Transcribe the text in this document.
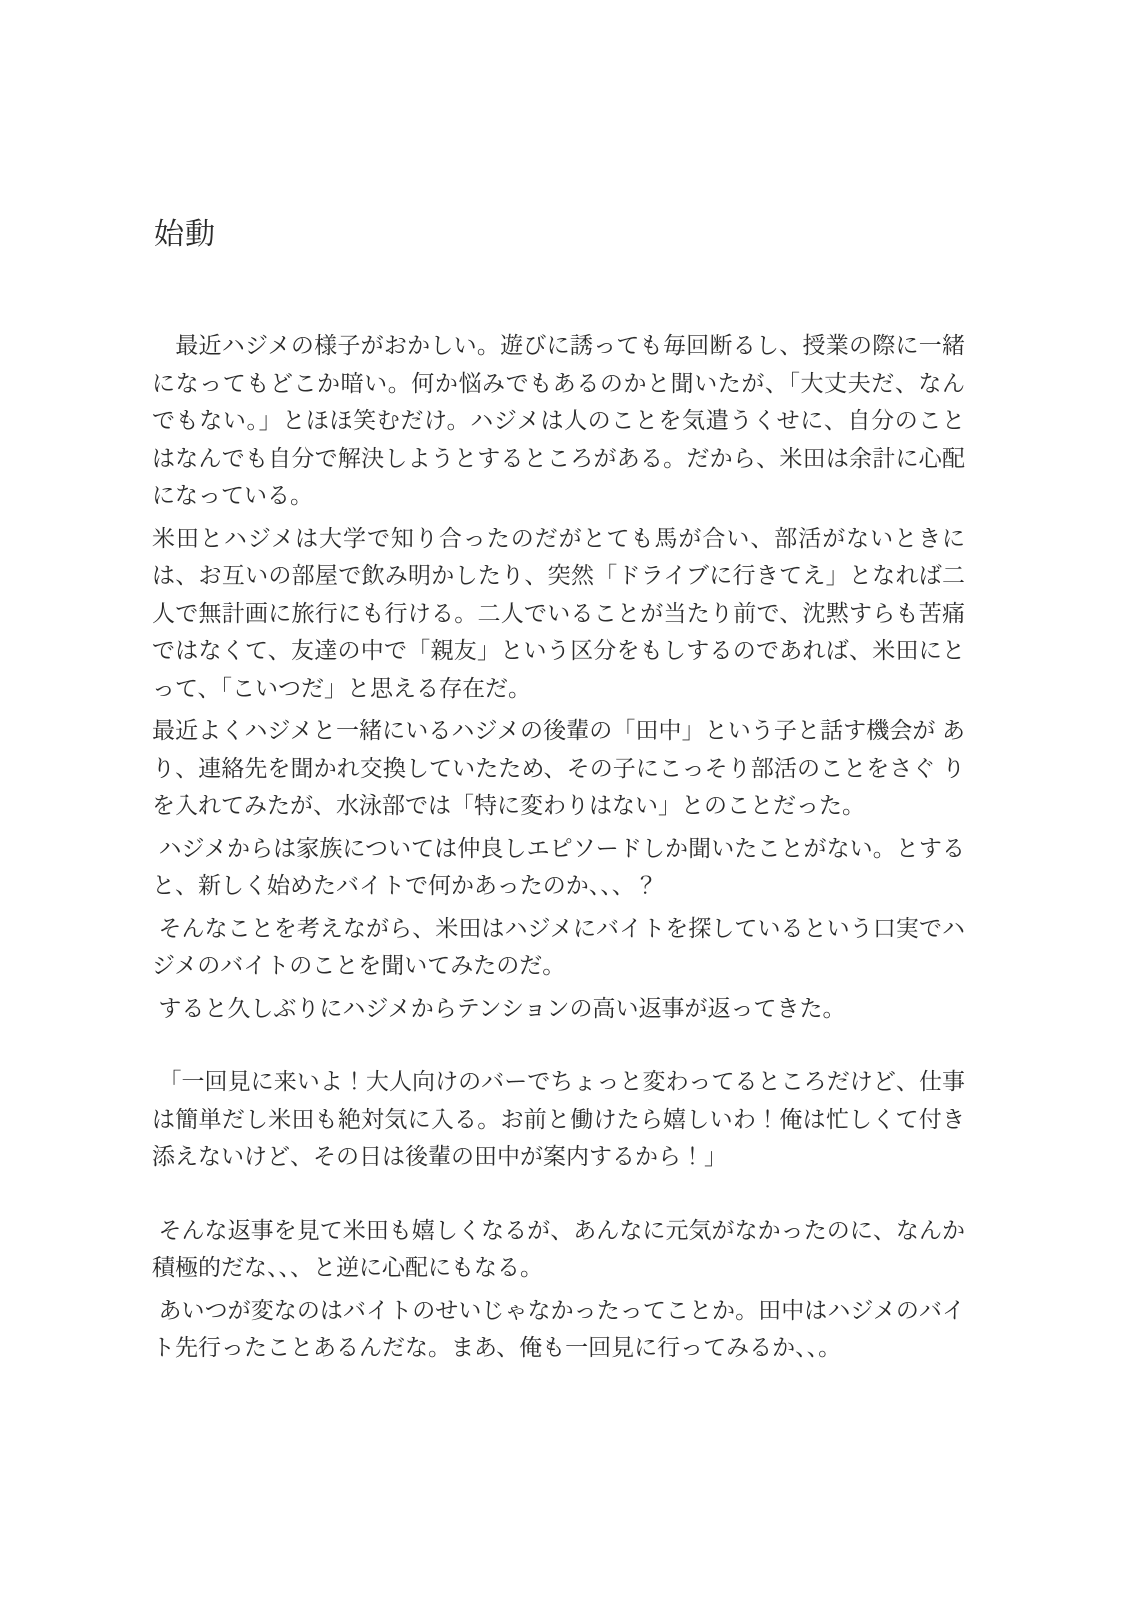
始動

　最近ハジメの様子がおかしい。遊びに誘っても毎回断るし、授業の際に一緒になってもどこか暗い。何か悩みでもあるのかと聞いたが、「大丈夫だ、なんでもない。」とほほ笑むだけ。ハジメは人のことを気遣うくせに、自分のことはなんでも自分で解決しようとするところがある。だから、米田は余計に心配になっている。

米田とハジメは大学で知り合ったのだがとても馬が合い、部活がないときには、お互いの部屋で飲み明かしたり、突然「ドライブに行きてえ」となれば二人で無計画に旅行にも行ける。二人でいることが当たり前で、沈黙すらも苦痛ではなくて、友達の中で「親友」という区分をもしするのであれば、米田にとって、「こいつだ」と思える存在だ。

最近よくハジメと一緒にいるハジメの後輩の「田中」という子と話す機会が あり、連絡先を聞かれ交換していたため、その子にこっそり部活のことをさぐ りを入れてみたが、水泳部では「特に変わりはない」とのことだった。

ハジメからは家族については仲良しエピソードしか聞いたことがない。とすると、新しく始めたバイトで何かあったのか、、、？

そんなことを考えながら、米田はハジメにバイトを探しているという口実でハジメのバイトのことを聞いてみたのだ。

すると久しぶりにハジメからテンションの高い返事が返ってきた。

「一回見に来いよ！大人向けのバーでちょっと変わってるところだけど、仕事は簡単だし米田も絶対気に入る。お前と働けたら嬉しいわ！俺は忙しくて付き添えないけど、その日は後輩の田中が案内するから！」

そんな返事を見て米田も嬉しくなるが、あんなに元気がなかったのに、なんか積極的だな、、、と逆に心配にもなる。

あいつが変なのはバイトのせいじゃなかったってことか。田中はハジメのバイト先行ったことあるんだな。まあ、俺も一回見に行ってみるか、、。
